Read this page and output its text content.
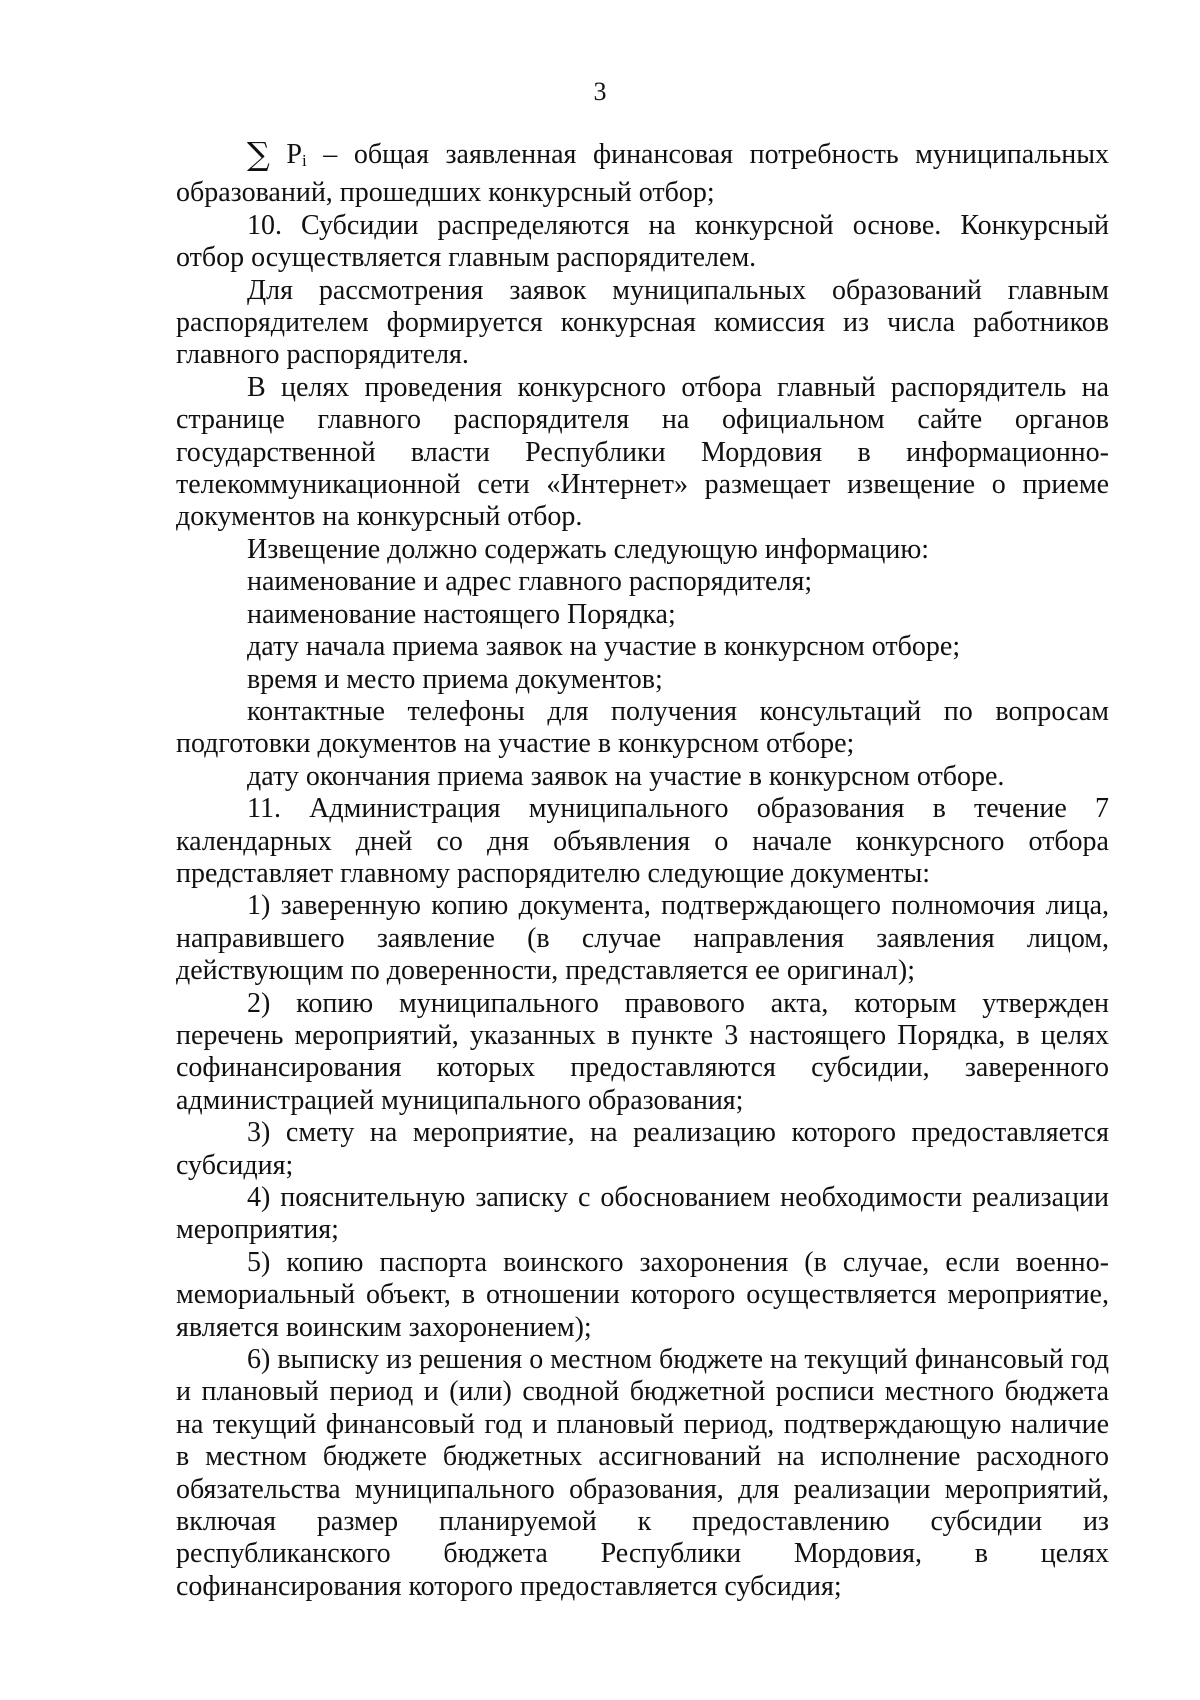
3

∑ Pi – общая заявленная финансовая потребность муниципальных образований, прошедших конкурсный отбор;

10. Субсидии распределяются на конкурсной основе. Конкурсный отбор осуществляется главным распорядителем.

Для рассмотрения заявок муниципальных образований главным распорядителем формируется конкурсная комиссия из числа работников главного распорядителя.

В целях проведения конкурсного отбора главный распорядитель на странице главного распорядителя на официальном сайте органов государственной власти Республики Мордовия в информационно-телекоммуникационной сети «Интернет» размещает извещение о приеме документов на конкурсный отбор.

Извещение должно содержать следующую информацию:

наименование и адрес главного распорядителя;

наименование настоящего Порядка;

дату начала приема заявок на участие в конкурсном отборе;

время и место приема документов;

контактные телефоны для получения консультаций по вопросам подготовки документов на участие в конкурсном отборе;

дату окончания приема заявок на участие в конкурсном отборе.

11. Администрация муниципального образования в течение 7 календарных дней со дня объявления о начале конкурсного отбора представляет главному распорядителю следующие документы:

1) заверенную копию документа, подтверждающего полномочия лица, направившего заявление (в случае направления заявления лицом, действующим по доверенности, представляется ее оригинал);

2) копию муниципального правового акта, которым утвержден перечень мероприятий, указанных в пункте 3 настоящего Порядка, в целях софинансирования которых предоставляются субсидии, заверенного администрацией муниципального образования;

3) смету на мероприятие, на реализацию которого предоставляется субсидия;

4) пояснительную записку с обоснованием необходимости реализации мероприятия;

5) копию паспорта воинского захоронения (в случае, если военно-мемориальный объект, в отношении которого осуществляется мероприятие, является воинским захоронением);

6) выписку из решения о местном бюджете на текущий финансовый год и плановый период и (или) сводной бюджетной росписи местного бюджета на текущий финансовый год и плановый период, подтверждающую наличие в местном бюджете бюджетных ассигнований на исполнение расходного обязательства муниципального образования, для реализации мероприятий, включая размер планируемой к предоставлению субсидии из республиканского бюджета Республики Мордовия, в целях софинансирования которого предоставляется субсидия;
